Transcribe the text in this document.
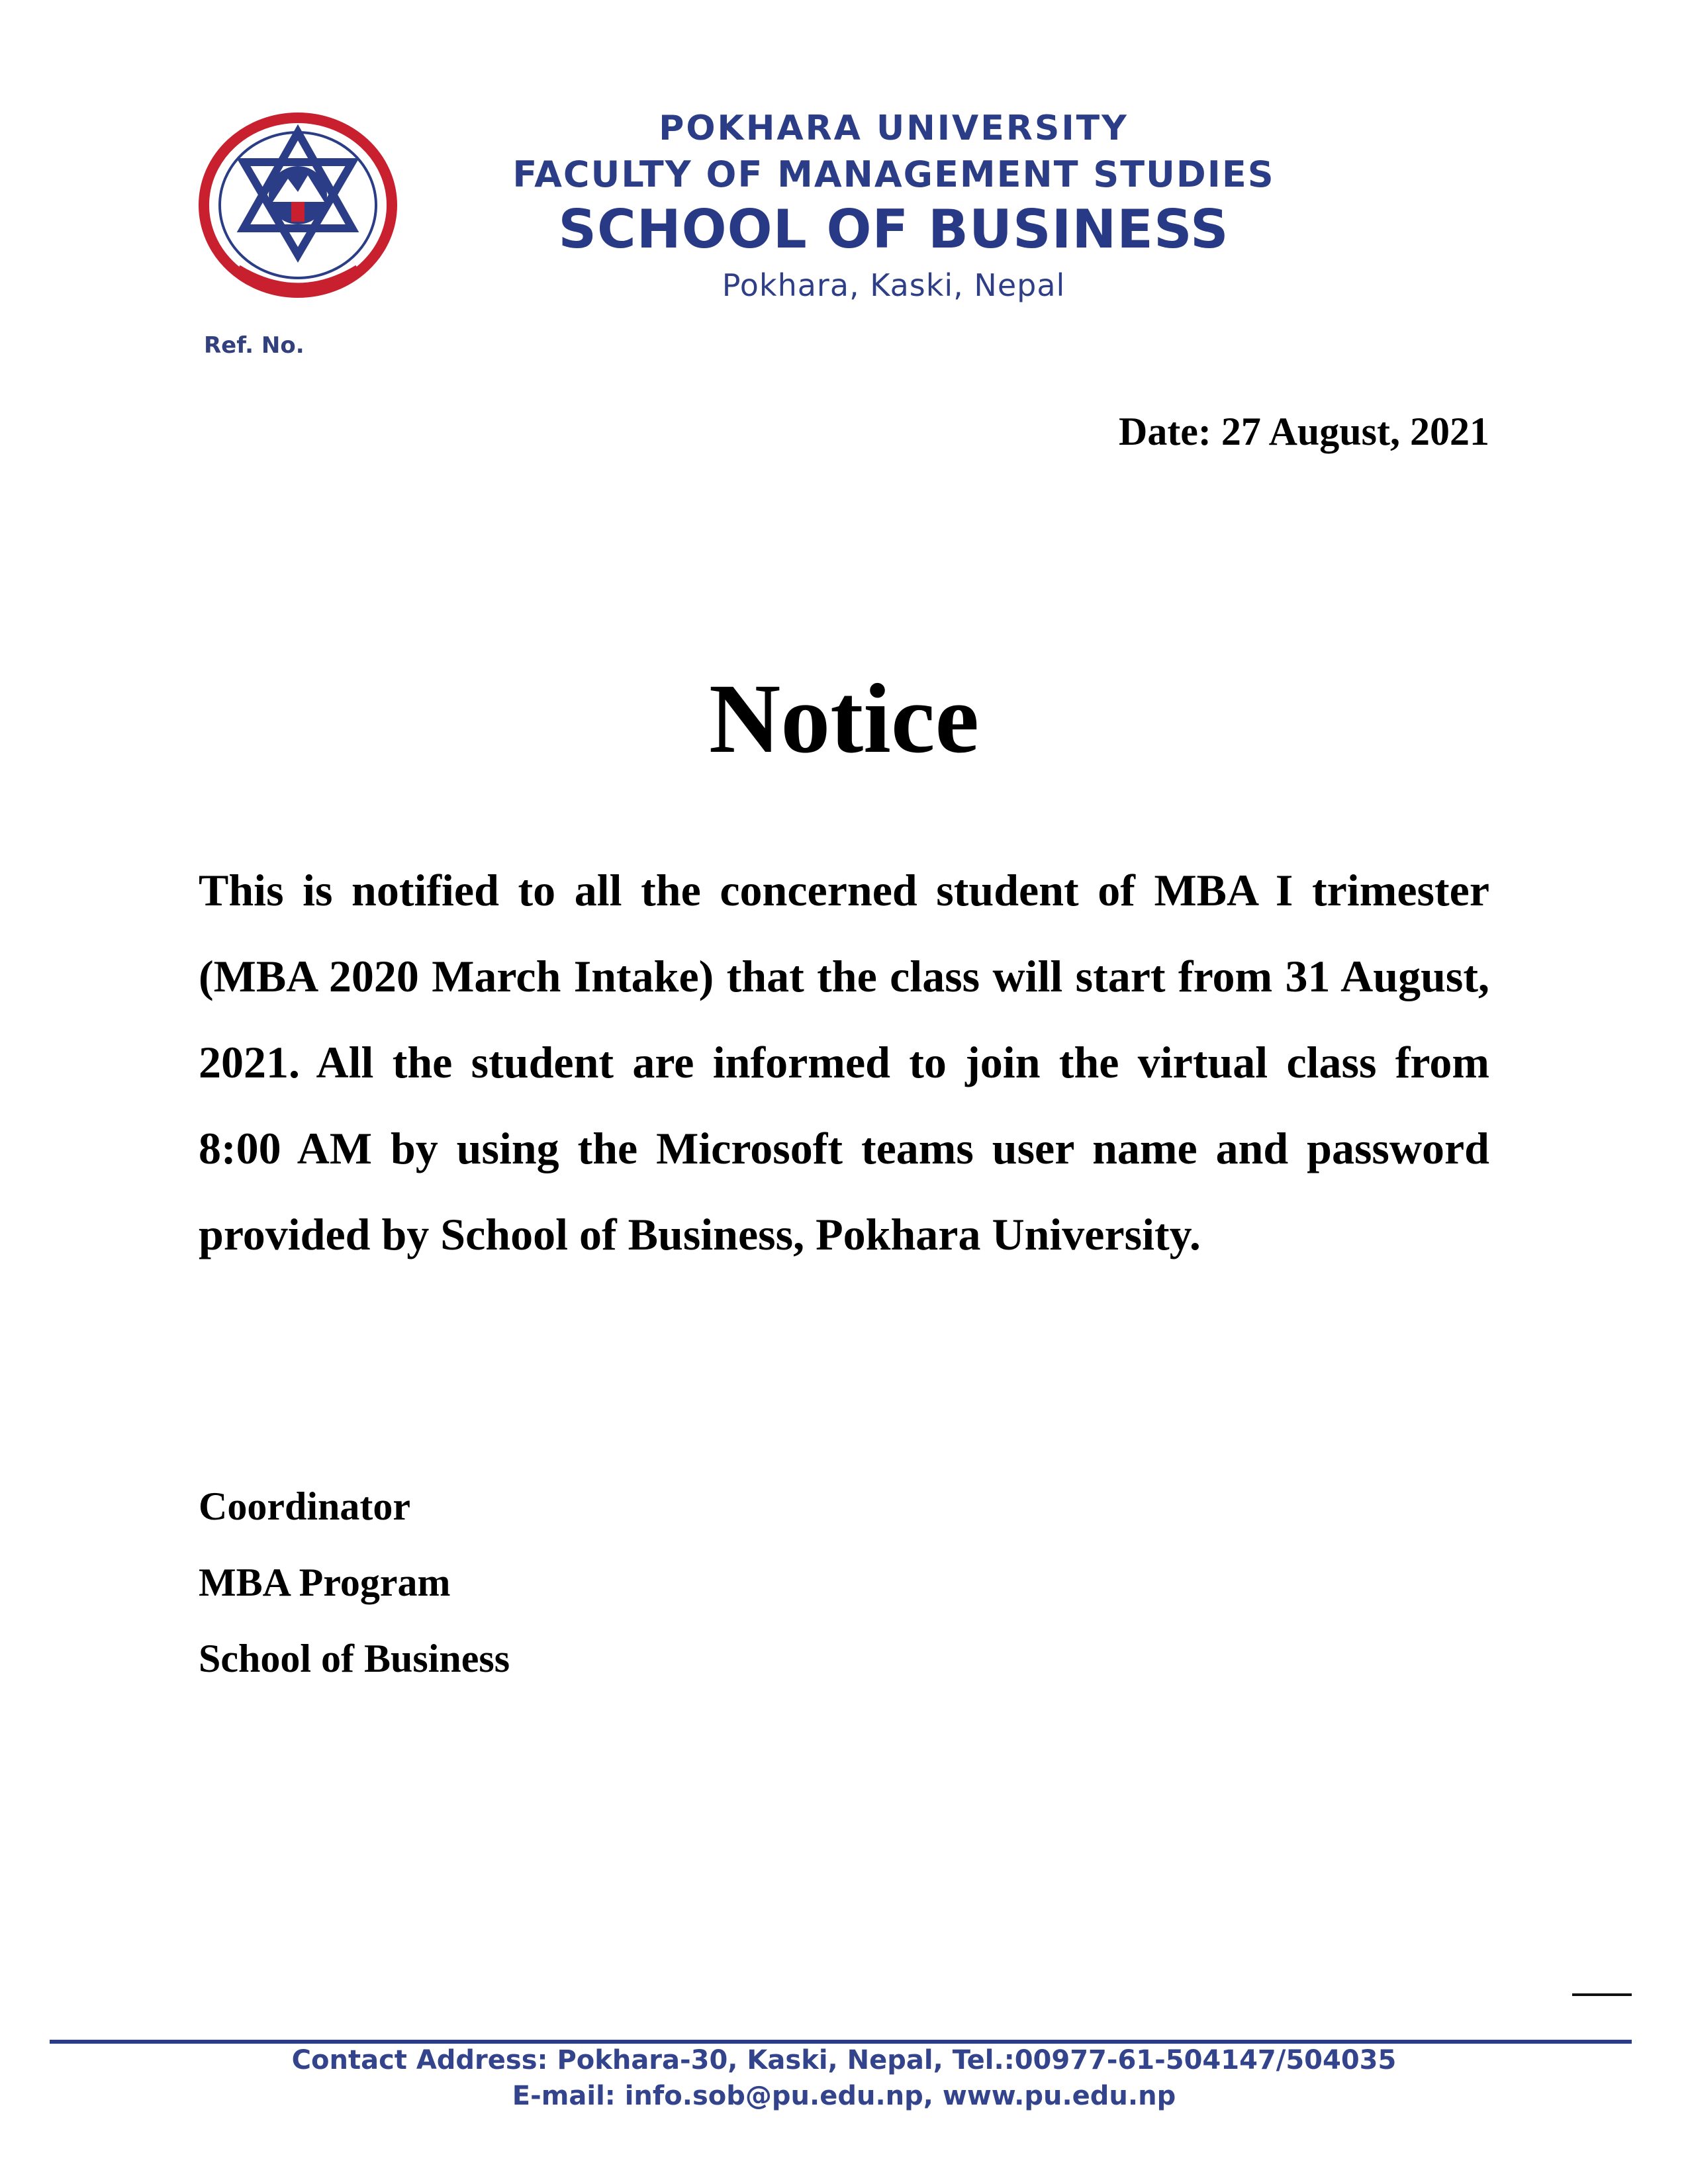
POKHARA UNIVERSITY
FACULTY OF MANAGEMENT STUDIES
SCHOOL OF BUSINESS
Pokhara, Kaski, Nepal
Ref. No.
Date: 27 August, 2021
Notice

This is notified to all the concerned student of MBA I trimester (MBA 2020 March Intake) that the class will start from 31 August, 2021. All the student are informed to join the virtual class from 8:00 AM by using the Microsoft teams user name and password provided by School of Business, Pokhara University.

Coordinator
MBA Program
School of Business
Contact Address: Pokhara-30, Kaski, Nepal, Tel.:00977-61-504147/504035
E-mail: info.sob@pu.edu.np, www.pu.edu.np
